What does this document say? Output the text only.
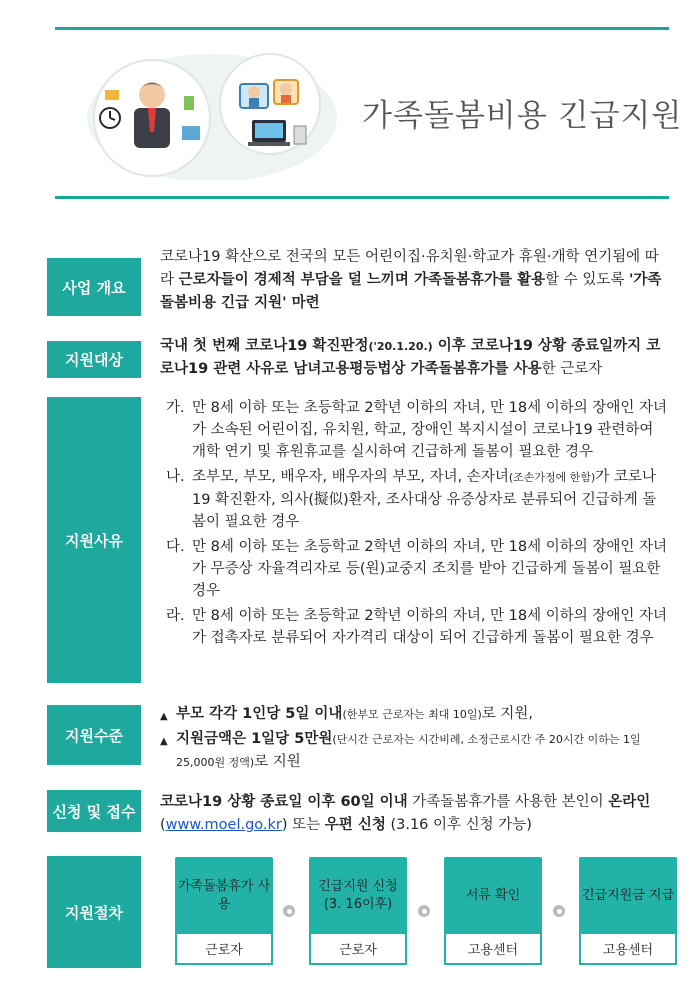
가족돌봄비용 긴급지원
사업 개요
코로나19 확산으로 전국의 모든 어린이집·유치원·학교가 휴원·개학 연기됨에 따라 근로자들이 경제적 부담을 덜 느끼며 가족돌봄휴가를 활용할 수 있도록 '가족돌봄비용 긴급 지원' 마련
지원대상
국내 첫 번째 코로나19 확진판정('20.1.20.) 이후 코로나19 상황 종료일까지 코로나19 관련 사유로 남녀고용평등법상 가족돌봄휴가를 사용한 근로자
지원사유
가. 만 8세 이하 또는 초등학교 2학년 이하의 자녀, 만 18세 이하의 장애인 자녀가 소속된 어린이집, 유치원, 학교, 장애인 복지시설이 코로나19 관련하여 개학 연기 및 휴원휴교를 실시하여 긴급하게 돌봄이 필요한 경우
나. 조부모, 부모, 배우자, 배우자의 부모, 자녀, 손자녀(조손가정에 한함)가 코로나19 확진환자, 의사(擬似)환자, 조사대상 유증상자로 분류되어 긴급하게 돌봄이 필요한 경우
다. 만 8세 이하 또는 초등학교 2학년 이하의 자녀, 만 18세 이하의 장애인 자녀가 무증상 자율격리자로 등(원)교중지 조치를 받아 긴급하게 돌봄이 필요한 경우
라. 만 8세 이하 또는 초등학교 2학년 이하의 자녀, 만 18세 이하의 장애인 자녀가 접촉자로 분류되어 자가격리 대상이 되어 긴급하게 돌봄이 필요한 경우
지원수준
▲ 부모 각각 1인당 5일 이내(한부모 근로자는 최대 10일)로 지원,
▲ 지원금액은 1일당 5만원(단시간 근로자는 시간비례, 소정근로시간 주 20시간 이하는 1일 25,000원 정액)로 지원
신청 및 접수
코로나19 상황 종료일 이후 60일 이내 가족돌봄휴가를 사용한 본인이 온라인(www.moel.go.kr) 또는 우편 신청 (3.16 이후 신청 가능)
지원절차
가족돌봄휴가 사용
근로자
긴급지원 신청 (3. 16이후)
근로자
서류 확인
고용센터
긴급지원금 지급
고용센터
